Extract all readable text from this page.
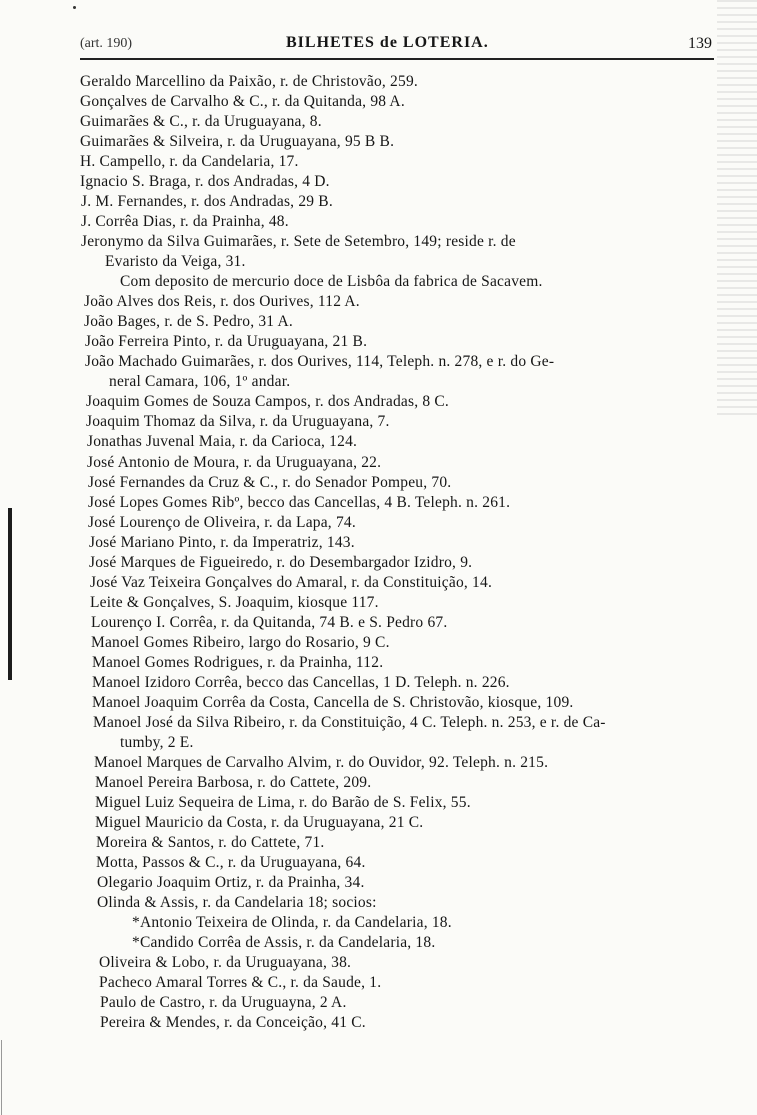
(art. 190)	BILHETES de LOTERIA.	139
Geraldo Marcellino da Paixão, r. de Christovão, 259.
Gonçalves de Carvalho & C., r. da Quitanda, 98 A.
Guimarães & C., r. da Uruguayana, 8.
Guimarães & Silveira, r. da Uruguayana, 95 B B.
H. Campello, r. da Candelaria, 17.
Ignacio S. Braga, r. dos Andradas, 4 D.
J. M. Fernandes, r. dos Andradas, 29 B.
J. Corrêa Dias, r. da Prainha, 48.
Jeronymo da Silva Guimarães, r. Sete de Setembro, 149; reside r. de
Evaristo da Veiga, 31.
Com deposito de mercurio doce de Lisbôa da fabrica de Sacavem.
João Alves dos Reis, r. dos Ourives, 112 A.
João Bages, r. de S. Pedro, 31 A.
João Ferreira Pinto, r. da Uruguayana, 21 B.
João Machado Guimarães, r. dos Ourives, 114, Teleph. n. 278, e r. do Ge-
neral Camara, 106, 1º andar.
Joaquim Gomes de Souza Campos, r. dos Andradas, 8 C.
Joaquim Thomaz da Silva, r. da Uruguayana, 7.
Jonathas Juvenal Maia, r. da Carioca, 124.
José Antonio de Moura, r. da Uruguayana, 22.
José Fernandes da Cruz & C., r. do Senador Pompeu, 70.
José Lopes Gomes Ribº, becco das Cancellas, 4 B. Teleph. n. 261.
José Lourenço de Oliveira, r. da Lapa, 74.
José Mariano Pinto, r. da Imperatriz, 143.
José Marques de Figueiredo, r. do Desembargador Izidro, 9.
José Vaz Teixeira Gonçalves do Amaral, r. da Constituição, 14.
Leite & Gonçalves, S. Joaquim, kiosque 117.
Lourenço I. Corrêa, r. da Quitanda, 74 B. e S. Pedro 67.
Manoel Gomes Ribeiro, largo do Rosario, 9 C.
Manoel Gomes Rodrigues, r. da Prainha, 112.
Manoel Izidoro Corrêa, becco das Cancellas, 1 D. Teleph. n. 226.
Manoel Joaquim Corrêa da Costa, Cancella de S. Christovão, kiosque, 109.
Manoel José da Silva Ribeiro, r. da Constituição, 4 C. Teleph. n. 253, e r. de Ca-
tumby, 2 E.
Manoel Marques de Carvalho Alvim, r. do Ouvidor, 92. Teleph. n. 215.
Manoel Pereira Barbosa, r. do Cattete, 209.
Miguel Luiz Sequeira de Lima, r. do Barão de S. Felix, 55.
Miguel Mauricio da Costa, r. da Uruguayana, 21 C.
Moreira & Santos, r. do Cattete, 71.
Motta, Passos & C., r. da Uruguayana, 64.
Olegario Joaquim Ortiz, r. da Prainha, 34.
Olinda & Assis, r. da Candelaria 18; socios:
*Antonio Teixeira de Olinda, r. da Candelaria, 18.
*Candido Corrêa de Assis, r. da Candelaria, 18.
Oliveira & Lobo, r. da Uruguayana, 38.
Pacheco Amaral Torres & C., r. da Saude, 1.
Paulo de Castro, r. da Uruguayna, 2 A.
Pereira & Mendes, r. da Conceição, 41 C.
